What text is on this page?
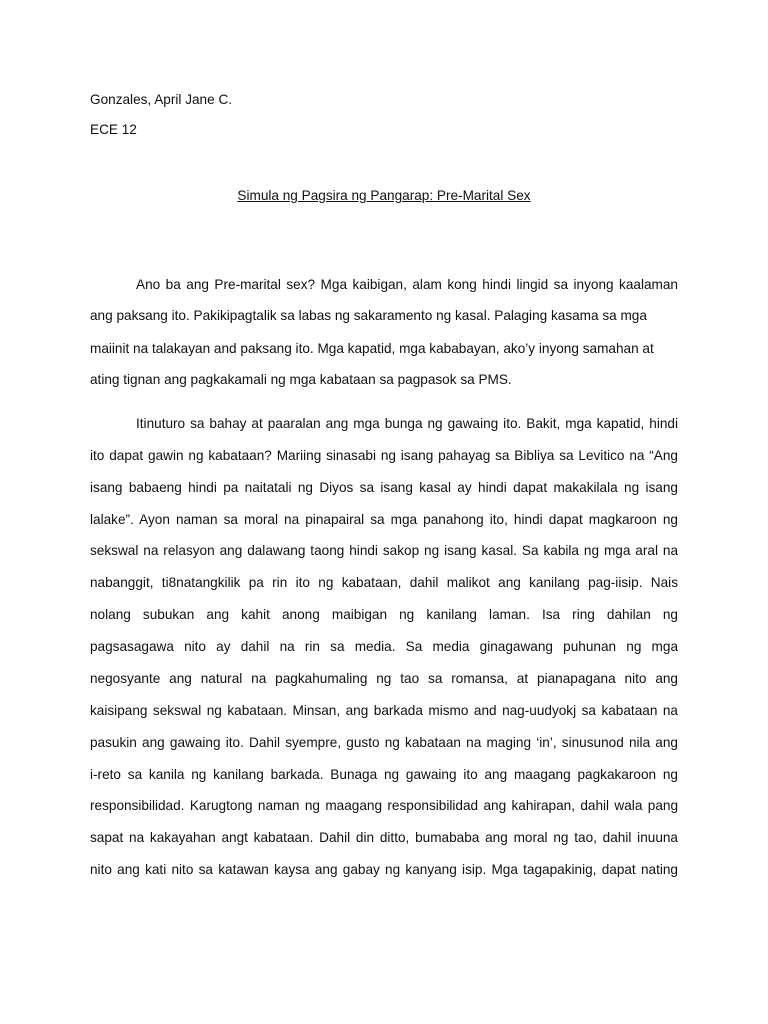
Gonzales, April Jane C.
ECE 12
Simula ng Pagsira ng Pangarap: Pre-Marital Sex
Ano ba ang Pre-marital sex? Mga kaibigan, alam kong hindi lingid sa inyong kaalaman
ang paksang ito. Pakikipagtalik sa labas ng sakaramento ng kasal. Palaging kasama sa mga
maiinit na talakayan and paksang ito. Mga kapatid, mga kababayan, ako’y inyong samahan at
ating tignan ang pagkakamali ng mga kabataan sa pagpasok sa PMS.
Itinuturo sa bahay at paaralan ang mga bunga ng gawaing ito. Bakit, mga kapatid, hindi
ito dapat gawin ng kabataan? Mariing sinasabi ng isang pahayag sa Bibliya sa Levitico na “Ang
isang babaeng hindi pa naitatali ng Diyos sa isang kasal ay hindi dapat makakilala ng isang
lalake”. Ayon naman sa moral na pinapairal sa mga panahong ito, hindi dapat magkaroon ng
sekswal na relasyon ang dalawang taong hindi sakop ng isang kasal. Sa kabila ng mga aral na
nabanggit, ti8natangkilik pa rin ito ng kabataan, dahil malikot ang kanilang pag-iisip. Nais
nolang subukan ang kahit anong maibigan ng kanilang laman. Isa ring dahilan ng
pagsasagawa nito ay dahil na rin sa media. Sa media ginagawang puhunan ng mga
negosyante ang natural na pagkahumaling ng tao sa romansa, at pianapagana nito ang
kaisipang sekswal ng kabataan. Minsan, ang barkada mismo and nag-uudyokj sa kabataan na
pasukin ang gawaing ito. Dahil syempre, gusto ng kabataan na maging ‘in’, sinusunod nila ang
i-reto sa kanila ng kanilang barkada. Bunaga ng gawaing ito ang maagang pagkakaroon ng
responsibilidad. Karugtong naman ng maagang responsibilidad ang kahirapan, dahil wala pang
sapat na kakayahan angt kabataan. Dahil din ditto, bumababa ang moral ng tao, dahil inuuna
nito ang kati nito sa katawan kaysa ang gabay ng kanyang isip. Mga tagapakinig, dapat nating
